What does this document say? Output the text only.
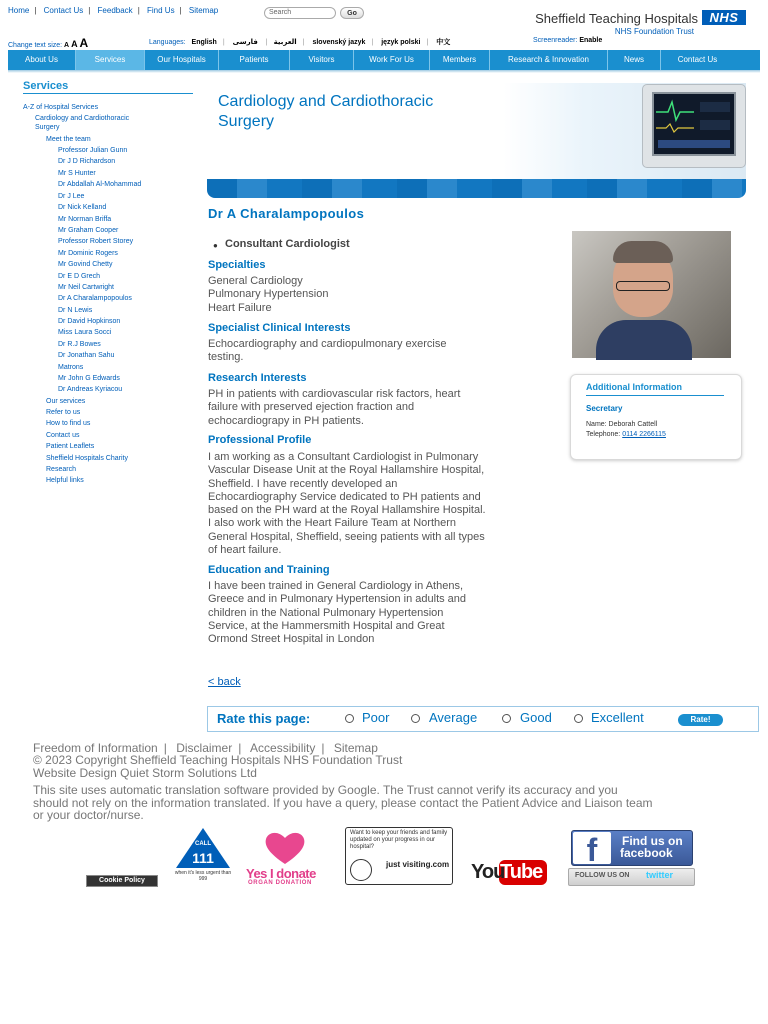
Home | Contact Us | Feedback | Find Us | Sitemap	Search	Go	Sheffield Teaching Hospitals
NHS Foundation Trust
NHS
Change text size: A A A	Languages: English |	العربية| فارسی	| slovenský jazyk | język polski | 中文	Screenreader: Enable
About Us	Services	Our Hospitals	Patients	Visitors	Work For Us	Members	Research & Innovation	News	Contact Us
Services
A-Z of Hospital Services
Cardiology and Cardiothoracic
Surgery
Meet the team
Professor Julian Gunn
Dr J D Richardson
Mr S Hunter
Dr Abdallah Al-Mohammad
Dr J Lee
Dr Nick Kelland
Mr Norman Briffa
Mr Graham Cooper
Professor Robert Storey
Mr Dominic Rogers
Mr Govind Chetty
Dr E D Grech
Mr Neil Cartwright
Dr A Charalampopoulos
Dr N Lewis
Dr David Hopkinson
Miss Laura Socci
Dr R.J Bowes
Dr Jonathan Sahu
Matrons
Mr John G Edwards
Dr Andreas Kyriacou
Our services
Refer to us
How to find us
Contact us
Patient Leaflets
Sheffield Hospitals Charity
Research
Helpful links
Cardiology and Cardiothoracic
Surgery
Dr A Charalampopoulos
● Consultant Cardiologist
Specialties
General Cardiology
Pulmonary Hypertension
Heart Failure
Specialist Clinical Interests
Echocardiography and cardiopulmonary exercise
testing.
Research Interests
PH in patients with cardiovascular risk factors, heart
failure with preserved ejection fraction and
echocardiograpy in PH patients.
Professional Profile
I am working as a Consultant Cardiologist in Pulmonary
Vascular Disease Unit at the Royal Hallamshire Hospital,
Sheffield. I have recently developed an
Echocardiography Service dedicated to PH patients and
based on the PH ward at the Royal Hallamshire Hospital.
I also work with the Heart Failure Team at Northern
General Hospital, Sheffield, seeing patients with all types
of heart failure.
Education and Training
I have been trained in General Cardiology in Athens,
Greece and in Pulmonary Hypertension in adults and
children in the National Pulmonary Hypertension
Service, at the Hammersmith Hospital and Great
Ormond Street Hospital in London
< back
Additional Information
Secretary
Name: Deborah Cattell
Telephone: 0114 2266115
Rate this page:	Poor	Average	Good	Excellent	Rate!
Freedom of Information | Disclaimer | Accessibility | Sitemap
© 2023 Copyright Sheffield Teaching Hospitals NHS Foundation Trust
Website Design Quiet Storm Solutions Ltd
This site uses automatic translation software provided by Google. The Trust cannot verify its accuracy and you should not rely on the information translated. If you have a query, please contact the Patient Advice and Liaison team or your doctor/nurse.
Cookie Policy
CALL
111
when it's less urgent than 999	Yes I donate
ORGAN DONATION
Want to keep your friends and family updated on your progress in our hospital?
just visiting.com You
Tube
f	Find us on
facebook
FOLLOW US ON twitter
